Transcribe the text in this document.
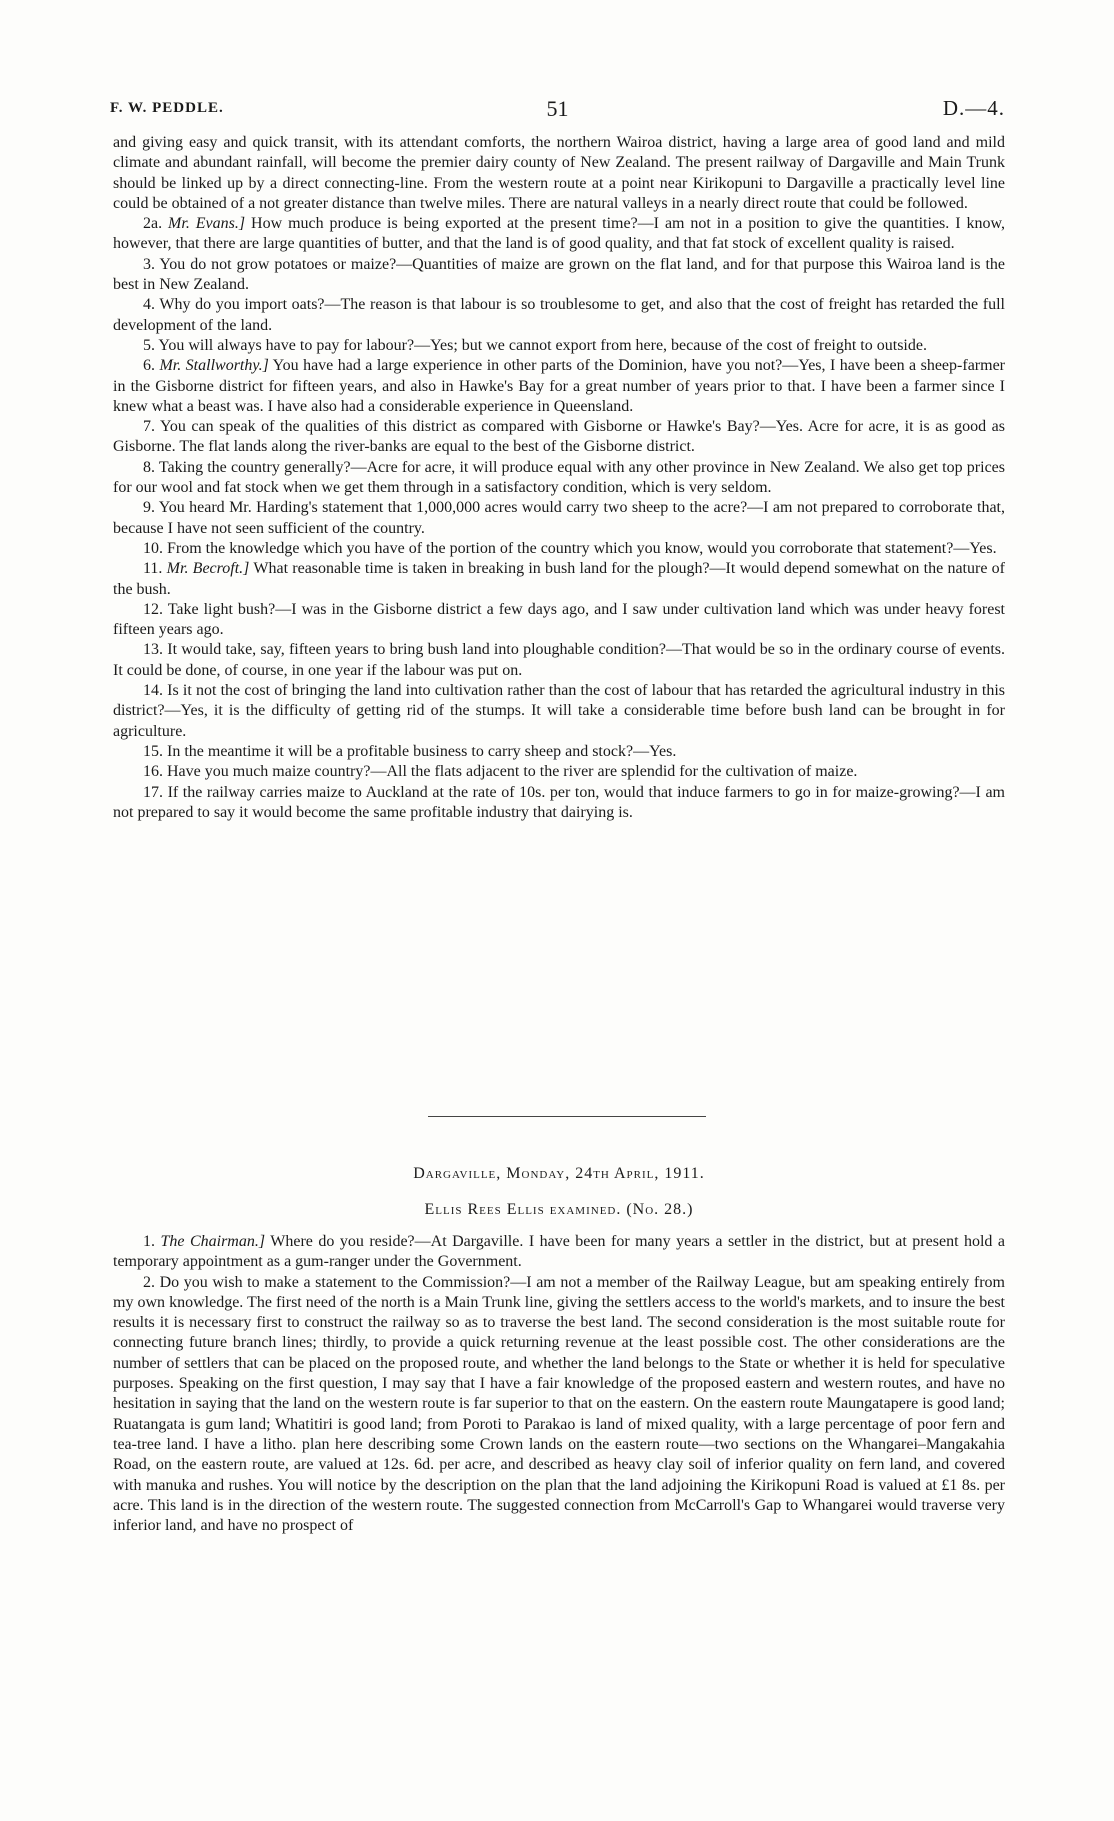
F. W. PEDDLE.	51	D.—4.

and giving easy and quick transit, with its attendant comforts, the northern Wairoa district, having a large area of good land and mild climate and abundant rainfall, will become the premier dairy county of New Zealand. The present railway of Dargaville and Main Trunk should be linked up by a direct connecting-line. From the western route at a point near Kirikopuni to Dargaville a practically level line could be obtained of a not greater distance than twelve miles. There are natural valleys in a nearly direct route that could be followed.

2a. Mr. Evans.] How much produce is being exported at the present time?—I am not in a position to give the quantities. I know, however, that there are large quantities of butter, and that the land is of good quality, and that fat stock of excellent quality is raised.

3. You do not grow potatoes or maize?—Quantities of maize are grown on the flat land, and for that purpose this Wairoa land is the best in New Zealand.

4. Why do you import oats?—The reason is that labour is so troublesome to get, and also that the cost of freight has retarded the full development of the land.

5. You will always have to pay for labour?—Yes; but we cannot export from here, because of the cost of freight to outside.

6. Mr. Stallworthy.] You have had a large experience in other parts of the Dominion, have you not?—Yes, I have been a sheep-farmer in the Gisborne district for fifteen years, and also in Hawke's Bay for a great number of years prior to that. I have been a farmer since I knew what a beast was. I have also had a considerable experience in Queensland.

7. You can speak of the qualities of this district as compared with Gisborne or Hawke's Bay?—Yes. Acre for acre, it is as good as Gisborne. The flat lands along the river-banks are equal to the best of the Gisborne district.

8. Taking the country generally?—Acre for acre, it will produce equal with any other province in New Zealand. We also get top prices for our wool and fat stock when we get them through in a satisfactory condition, which is very seldom.

9. You heard Mr. Harding's statement that 1,000,000 acres would carry two sheep to the acre?—I am not prepared to corroborate that, because I have not seen sufficient of the country.

10. From the knowledge which you have of the portion of the country which you know, would you corroborate that statement?—Yes.

11. Mr. Becroft.] What reasonable time is taken in breaking in bush land for the plough?—It would depend somewhat on the nature of the bush.

12. Take light bush?—I was in the Gisborne district a few days ago, and I saw under cultivation land which was under heavy forest fifteen years ago.

13. It would take, say, fifteen years to bring bush land into ploughable condition?—That would be so in the ordinary course of events. It could be done, of course, in one year if the labour was put on.

14. Is it not the cost of bringing the land into cultivation rather than the cost of labour that has retarded the agricultural industry in this district?—Yes, it is the difficulty of getting rid of the stumps. It will take a considerable time before bush land can be brought in for agriculture.

15. In the meantime it will be a profitable business to carry sheep and stock?—Yes.

16. Have you much maize country?—All the flats adjacent to the river are splendid for the cultivation of maize.

17. If the railway carries maize to Auckland at the rate of 10s. per ton, would that induce farmers to go in for maize-growing?—I am not prepared to say it would become the same profitable industry that dairying is.

Dargaville, Monday, 24th April, 1911.
Ellis Rees Ellis examined. (No. 28.)

1. The Chairman.] Where do you reside?—At Dargaville. I have been for many years a settler in the district, but at present hold a temporary appointment as a gum-ranger under the Government.

2. Do you wish to make a statement to the Commission?—I am not a member of the Railway League, but am speaking entirely from my own knowledge. The first need of the north is a Main Trunk line, giving the settlers access to the world's markets, and to insure the best results it is necessary first to construct the railway so as to traverse the best land. The second consideration is the most suitable route for connecting future branch lines; thirdly, to provide a quick returning revenue at the least possible cost. The other considerations are the number of settlers that can be placed on the proposed route, and whether the land belongs to the State or whether it is held for speculative purposes. Speaking on the first question, I may say that I have a fair knowledge of the proposed eastern and western routes, and have no hesitation in saying that the land on the western route is far superior to that on the eastern. On the eastern route Maungatapere is good land; Ruatangata is gum land; Whatitiri is good land; from Poroti to Parakao is land of mixed quality, with a large percentage of poor fern and tea-tree land. I have a litho. plan here describing some Crown lands on the eastern route—two sections on the Whangarei–Mangakahia Road, on the eastern route, are valued at 12s. 6d. per acre, and described as heavy clay soil of inferior quality on fern land, and covered with manuka and rushes. You will notice by the description on the plan that the land adjoining the Kirikopuni Road is valued at £1 8s. per acre. This land is in the direction of the western route. The suggested connection from McCarroll's Gap to Whangarei would traverse very inferior land, and have no prospect of
